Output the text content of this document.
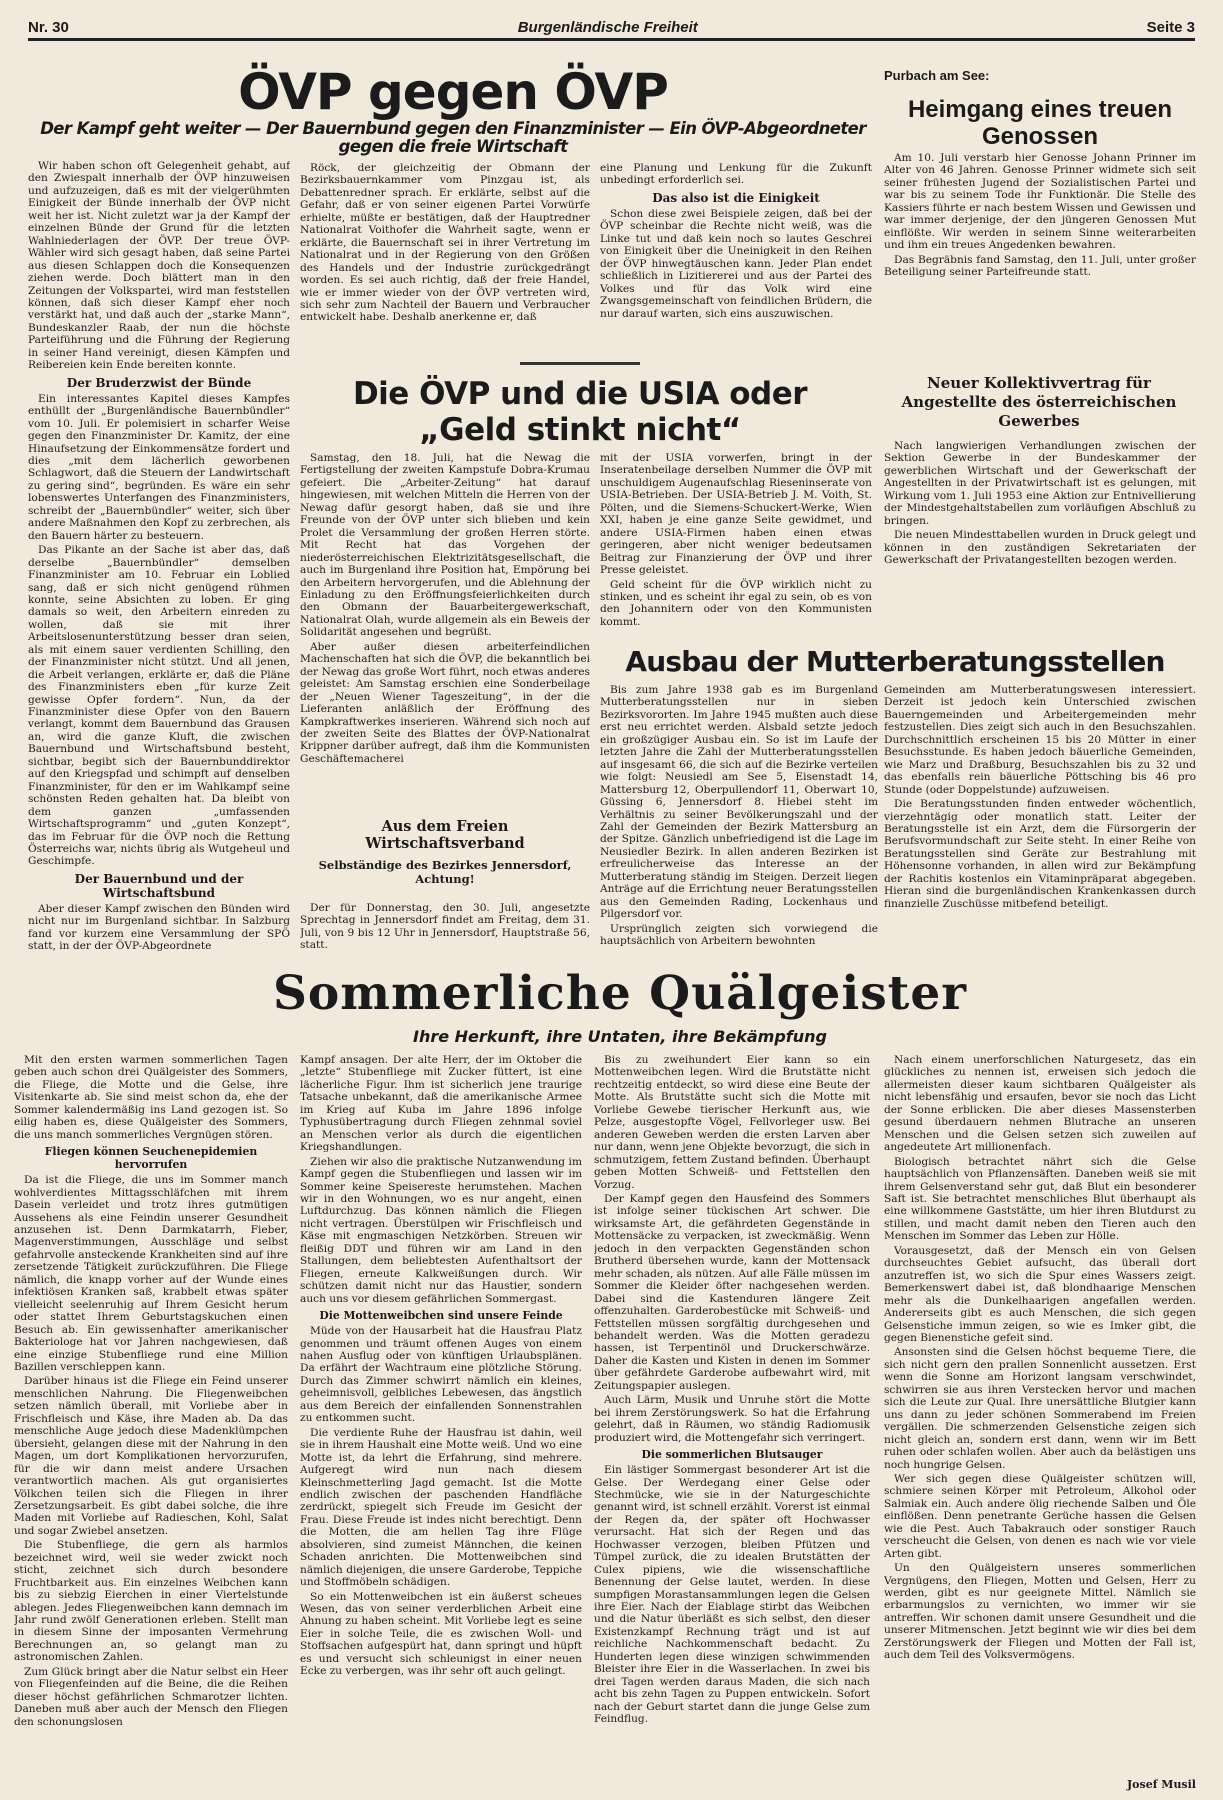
Nr. 30	Burgenländische Freiheit	Seite 3
ÖVP gegen ÖVP
Der Kampf geht weiter — Der Bauernbund gegen den Finanzminister — Ein ÖVP-Abgeordneter gegen die freie Wirtschaft

Wir haben schon oft Gelegenheit gehabt, auf den Zwiespalt innerhalb der ÖVP hinzuweisen und aufzuzeigen, daß es mit der vielgerühmten Einigkeit der Bünde innerhalb der ÖVP nicht weit her ist. Nicht zuletzt war ja der Kampf der einzelnen Bünde der Grund für die letzten Wahlniederlagen der ÖVP. Der treue ÖVP-Wähler wird sich gesagt haben, daß seine Partei aus diesen Schlappen doch die Konsequenzen ziehen werde. Doch blättert man in den Zeitungen der Volkspartei, wird man feststellen können, daß sich dieser Kampf eher noch verstärkt hat, und daß auch der „starke Mann“, Bundeskanzler Raab, der nun die höchste Parteiführung und die Führung der Regierung in seiner Hand vereinigt, diesen Kämpfen und Reibereien kein Ende bereiten konnte.

Der Bruderzwist der Bünde

Ein interessantes Kapitel dieses Kampfes enthüllt der „Burgenländische Bauernbündler“ vom 10. Juli. Er polemisiert in scharfer Weise gegen den Finanzminister Dr. Kamitz, der eine Hinaufsetzung der Einkommensätze fordert und dies „mit dem lächerlich geworbenen Schlagwort, daß die Steuern der Landwirtschaft zu gering sind“, begründen. Es wäre ein sehr lobenswertes Unterfangen des Finanzministers, schreibt der „Bauernbündler“ weiter, sich über andere Maßnahmen den Kopf zu zerbrechen, als den Bauern härter zu besteuern.

Das Pikante an der Sache ist aber das, daß derselbe „Bauernbündler“ demselben Finanzminister am 10. Februar ein Loblied sang, daß er sich nicht genügend rühmen konnte, seine Absichten zu loben. Er ging damals so weit, den Arbeitern einreden zu wollen, daß sie mit ihrer Arbeitslosenunterstützung besser dran seien, als mit einem sauer verdienten Schilling, den der Finanzminister nicht stützt. Und all jenen, die Arbeit verlangen, erklärte er, daß die Pläne des Finanzministers eben „für kurze Zeit gewisse Opfer fordern“. Nun, da der Finanzminister diese Opfer von den Bauern verlangt, kommt dem Bauernbund das Grausen an, wird die ganze Kluft, die zwischen Bauernbund und Wirtschaftsbund besteht, sichtbar, begibt sich der Bauernbunddirektor auf den Kriegspfad und schimpft auf denselben Finanzminister, für den er im Wahlkampf seine schönsten Reden gehalten hat. Da bleibt von dem ganzen „umfassenden Wirtschaftsprogramm“ und „guten Konzept“, das im Februar für die ÖVP noch die Rettung Österreichs war, nichts übrig als Wutgeheul und Geschimpfe.

Der Bauernbund und der Wirtschaftsbund

Aber dieser Kampf zwischen den Bünden wird nicht nur im Burgenland sichtbar. In Salzburg fand vor kurzem eine Versammlung der SPÖ statt, in der der ÖVP-Abgeordnete

Röck, der gleichzeitig der Obmann der Bezirksbauernkammer vom Pinzgau ist, als Debattenredner sprach. Er erklärte, selbst auf die Gefahr, daß er von seiner eigenen Partei Vorwürfe erhielte, müßte er bestätigen, daß der Hauptredner Nationalrat Voithofer die Wahrheit sagte, wenn er erklärte, die Bauernschaft sei in ihrer Vertretung im Nationalrat und in der Regierung von den Größen des Handels und der Industrie zurückgedrängt worden. Es sei auch richtig, daß der freie Handel, wie er immer wieder von der ÖVP vertreten wird, sich sehr zum Nachteil der Bauern und Verbraucher entwickelt habe. Deshalb anerkenne er, daß

eine Planung und Lenkung für die Zukunft unbedingt erforderlich sei.

Das also ist die Einigkeit

Schon diese zwei Beispiele zeigen, daß bei der ÖVP scheinbar die Rechte nicht weiß, was die Linke tut und daß kein noch so lautes Geschrei von Einigkeit über die Uneinigkeit in den Reihen der ÖVP hinwegtäuschen kann. Jeder Plan endet schließlich in Lizitiererei und aus der Partei des Volkes und für das Volk wird eine Zwangsgemeinschaft von feindlichen Brüdern, die nur darauf warten, sich eins auszuwischen.

Purbach am See:
Heimgang eines treuen Genossen

Am 10. Juli verstarb hier Genosse Johann Prinner im Alter von 46 Jahren. Genosse Prinner widmete sich seit seiner frühesten Jugend der Sozialistischen Partei und war bis zu seinem Tode ihr Funktionär. Die Stelle des Kassiers führte er nach bestem Wissen und Gewissen und war immer derjenige, der den jüngeren Genossen Mut einflößte. Wir werden in seinem Sinne weiterarbeiten und ihm ein treues Angedenken bewahren.

Das Begräbnis fand Samstag, den 11. Juli, unter großer Beteiligung seiner Parteifreunde statt.

Neuer Kollektivvertrag für Angestellte des österreichischen Gewerbes

Nach langwierigen Verhandlungen zwischen der Sektion Gewerbe in der Bundeskammer der gewerblichen Wirtschaft und der Gewerkschaft der Angestellten in der Privatwirtschaft ist es gelungen, mit Wirkung vom 1. Juli 1953 eine Aktion zur Entnivellierung der Mindestgehaltstabellen zum vorläufigen Abschluß zu bringen.

Die neuen Mindesttabellen wurden in Druck gelegt und können in den zuständigen Sekretariaten der Gewerkschaft der Privatangestellten bezogen werden.

Die ÖVP und die USIA oder „Geld stinkt nicht“

Samstag, den 18. Juli, hat die Newag die Fertigstellung der zweiten Kampstufe Dobra-Krumau gefeiert. Die „Arbeiter-Zeitung“ hat darauf hingewiesen, mit welchen Mitteln die Herren von der Newag dafür gesorgt haben, daß sie und ihre Freunde von der ÖVP unter sich blieben und kein Prolet die Versammlung der großen Herren störte. Mit Recht hat das Vorgehen der niederösterreichischen Elektrizitätsgesellschaft, die auch im Burgenland ihre Position hat, Empörung bei den Arbeitern hervorgerufen, und die Ablehnung der Einladung zu den Eröffnungsfeierlichkeiten durch den Obmann der Bauarbeitergewerkschaft, Nationalrat Olah, wurde allgemein als ein Beweis der Solidarität angesehen und begrüßt.

Aber außer diesen arbeiterfeindlichen Machenschaften hat sich die ÖVP, die bekanntlich bei der Newag das große Wort führt, noch etwas anderes geleistet: Am Samstag erschien eine Sonderbeilage der „Neuen Wiener Tageszeitung“, in der die Lieferanten anläßlich der Eröffnung des Kampkraftwerkes inserieren. Während sich noch auf der zweiten Seite des Blattes der ÖVP-Nationalrat Krippner darüber aufregt, daß ihm die Kommunisten Geschäftemacherei

mit der USIA vorwerfen, bringt in der Inseratenbeilage derselben Nummer die ÖVP mit unschuldigem Augenaufschlag Rieseninserate von USIA-Betrieben. Der USIA-Betrieb J. M. Voith, St. Pölten, und die Siemens-Schuckert-Werke, Wien XXI, haben je eine ganze Seite gewidmet, und andere USIA-Firmen haben einen etwas geringeren, aber nicht weniger bedeutsamen Beitrag zur Finanzierung der ÖVP und ihrer Presse geleistet.

Geld scheint für die ÖVP wirklich nicht zu stinken, und es scheint ihr egal zu sein, ob es von den Johannitern oder von den Kommunisten kommt.

Aus dem Freien Wirtschaftsverband
Selbständige des Bezirkes Jennersdorf, Achtung!

Der für Donnerstag, den 30. Juli, angesetzte Sprechtag in Jennersdorf findet am Freitag, dem 31. Juli, von 9 bis 12 Uhr in Jennersdorf, Hauptstraße 56, statt.

Ausbau der Mutterberatungsstellen

Bis zum Jahre 1938 gab es im Burgenland Mutterberatungsstellen nur in sieben Bezirksvororten. Im Jahre 1945 mußten auch diese erst neu errichtet werden. Alsbald setzte jedoch ein großzügiger Ausbau ein. So ist im Laufe der letzten Jahre die Zahl der Mutterberatungsstellen auf insgesamt 66, die sich auf die Bezirke verteilen wie folgt: Neusiedl am See 5, Eisenstadt 14, Mattersburg 12, Oberpullendorf 11, Oberwart 10, Güssing 6, Jennersdorf 8. Hiebei steht im Verhältnis zu seiner Bevölkerungszahl und der Zahl der Gemeinden der Bezirk Mattersburg an der Spitze. Gänzlich unbefriedigend ist die Lage im Neusiedler Bezirk. In allen anderen Bezirken ist erfreulicherweise das Interesse an der Mutterberatung ständig im Steigen. Derzeit liegen Anträge auf die Errichtung neuer Beratungsstellen aus den Gemeinden Rading, Lockenhaus und Pilgersdorf vor.

Ursprünglich zeigten sich vorwiegend die hauptsächlich von Arbeitern bewohnten

Gemeinden am Mutterberatungswesen interessiert. Derzeit ist jedoch kein Unterschied zwischen Bauerngemeinden und Arbeitergemeinden mehr festzustellen. Dies zeigt sich auch in den Besuchszahlen. Durchschnittlich erscheinen 15 bis 20 Mütter in einer Besuchsstunde. Es haben jedoch bäuerliche Gemeinden, wie Marz und Draßburg, Besuchszahlen bis zu 32 und das ebenfalls rein bäuerliche Pöttsching bis 46 pro Stunde (oder Doppelstunde) aufzuweisen.

Die Beratungsstunden finden entweder wöchentlich, vierzehntägig oder monatlich statt. Leiter der Beratungsstelle ist ein Arzt, dem die Fürsorgerin der Berufsvormundschaft zur Seite steht. In einer Reihe von Beratungsstellen sind Geräte zur Bestrahlung mit Höhensonne vorhanden, in allen wird zur Bekämpfung der Rachitis kostenlos ein Vitaminpräparat abgegeben. Hieran sind die burgenländischen Krankenkassen durch finanzielle Zuschüsse mitbefend beteiligt.

Sommerliche Quälgeister
Ihre Herkunft, ihre Untaten, ihre Bekämpfung

Mit den ersten warmen sommerlichen Tagen geben auch schon drei Quälgeister des Sommers, die Fliege, die Motte und die Gelse, ihre Visitenkarte ab. Sie sind meist schon da, ehe der Sommer kalendermäßig ins Land gezogen ist. So eilig haben es, diese Quälgeister des Sommers, die uns manch sommerliches Vergnügen stören.

Fliegen können Seuchenepidemien hervorrufen

Da ist die Fliege, die uns im Sommer manch wohlverdientes Mittagsschläfchen mit ihrem Dasein verleidet und trotz ihres gutmütigen Aussehens als eine Feindin unserer Gesundheit anzusehen ist. Denn Darmkatarrh, Fieber, Magenverstimmungen, Ausschläge und selbst gefahrvolle ansteckende Krankheiten sind auf ihre zersetzende Tätigkeit zurückzuführen. Die Fliege nämlich, die knapp vorher auf der Wunde eines infektiösen Kranken saß, krabbelt etwas später vielleicht seelenruhig auf Ihrem Gesicht herum oder stattet Ihrem Geburtstagskuchen einen Besuch ab. Ein gewissenhafter amerikanischer Bakteriologe hat vor Jahren nachgewiesen, daß eine einzige Stubenfliege rund eine Million Bazillen verschleppen kann.

Darüber hinaus ist die Fliege ein Feind unserer menschlichen Nahrung. Die Fliegenweibchen setzen nämlich überall, mit Vorliebe aber in Frischfleisch und Käse, ihre Maden ab. Da das menschliche Auge jedoch diese Madenklümpchen übersieht, gelangen diese mit der Nahrung in den Magen, um dort Komplikationen hervorzurufen, für die wir dann meist andere Ursachen verantwortlich machen. Als gut organisiertes Völkchen teilen sich die Fliegen in ihrer Zersetzungsarbeit. Es gibt dabei solche, die ihre Maden mit Vorliebe auf Radieschen, Kohl, Salat und sogar Zwiebel ansetzen.

Die Stubenfliege, die gern als harmlos bezeichnet wird, weil sie weder zwickt noch sticht, zeichnet sich durch besondere Fruchtbarkeit aus. Ein einzelnes Weibchen kann bis zu siebzig Eierchen in einer Viertelstunde ablegen. Jedes Fliegenweibchen kann demnach im Jahr rund zwölf Generationen erleben. Stellt man in diesem Sinne der imposanten Vermehrung Berechnungen an, so gelangt man zu astronomischen Zahlen.

Zum Glück bringt aber die Natur selbst ein Heer von Fliegenfeinden auf die Beine, die die Reihen dieser höchst gefährlichen Schmarotzer lichten. Daneben muß aber auch der Mensch den Fliegen den schonungslosen

Kampf ansagen. Der alte Herr, der im Oktober die „letzte“ Stubenfliege mit Zucker füttert, ist eine lächerliche Figur. Ihm ist sicherlich jene traurige Tatsache unbekannt, daß die amerikanische Armee im Krieg auf Kuba im Jahre 1896 infolge Typhusübertragung durch Fliegen zehnmal soviel an Menschen verlor als durch die eigentlichen Kriegshandlungen.

Ziehen wir also die praktische Nutzanwendung im Kampf gegen die Stubenfliegen und lassen wir im Sommer keine Speisereste herumstehen. Machen wir in den Wohnungen, wo es nur angeht, einen Luftdurchzug. Das können nämlich die Fliegen nicht vertragen. Überstülpen wir Frischfleisch und Käse mit engmaschigen Netzkörben. Streuen wir fleißig DDT und führen wir am Land in den Stallungen, dem beliebtesten Aufenthaltsort der Fliegen, erneute Kalkweißungen durch. Wir schützen damit nicht nur das Haustier, sondern auch uns vor diesem gefährlichen Sommergast.

Die Mottenweibchen sind unsere Feinde

Müde von der Hausarbeit hat die Hausfrau Platz genommen und träumt offenen Auges von einem nahen Ausflug oder von künftigen Urlaubsplänen. Da erfährt der Wachtraum eine plötzliche Störung. Durch das Zimmer schwirrt nämlich ein kleines, geheimnisvoll, gelbliches Lebewesen, das ängstlich aus dem Bereich der einfallenden Sonnenstrahlen zu entkommen sucht.

Die verdiente Ruhe der Hausfrau ist dahin, weil sie in ihrem Haushalt eine Motte weiß. Und wo eine Motte ist, da lehrt die Erfahrung, sind mehrere. Aufgeregt wird nun nach diesem Kleinschmetterling Jagd gemacht. Ist die Motte endlich zwischen der paschenden Handfläche zerdrückt, spiegelt sich Freude im Gesicht der Frau. Diese Freude ist indes nicht berechtigt. Denn die Motten, die am hellen Tag ihre Flüge absolvieren, sind zumeist Männchen, die keinen Schaden anrichten. Die Mottenweibchen sind nämlich diejenigen, die unsere Garderobe, Teppiche und Stoffmöbeln schädigen.

So ein Mottenweibchen ist ein äußerst scheues Wesen, das von seiner verderblichen Arbeit eine Ahnung zu haben scheint. Mit Vorliebe legt es seine Eier in solche Teile, die es zwischen Woll- und Stoffsachen aufgespürt hat, dann springt und hüpft es und versucht sich schleunigst in einer neuen Ecke zu verbergen, was ihr sehr oft auch gelingt.

Bis zu zweihundert Eier kann so ein Mottenweibchen legen. Wird die Brutstätte nicht rechtzeitig entdeckt, so wird diese eine Beute der Motte. Als Brutstätte sucht sich die Motte mit Vorliebe Gewebe tierischer Herkunft aus, wie Pelze, ausgestopfte Vögel, Fellvorleger usw. Bei anderen Geweben werden die ersten Larven aber nur dann, wenn jene Objekte bevorzugt, die sich in schmutzigem, fettem Zustand befinden. Überhaupt geben Motten Schweiß- und Fettstellen den Vorzug.

Der Kampf gegen den Hausfeind des Sommers ist infolge seiner tückischen Art schwer. Die wirksamste Art, die gefährdeten Gegenstände in Mottensäcke zu verpacken, ist zweckmäßig. Wenn jedoch in den verpackten Gegenständen schon Brutherd übersehen wurde, kann der Mottensack mehr schaden, als nützen. Auf alle Fälle müssen im Sommer die Kleider öfter nachgesehen werden. Dabei sind die Kastenduren längere Zeit offenzuhalten. Garderobestücke mit Schweiß- und Fettstellen müssen sorgfältig durchgesehen und behandelt werden. Was die Motten geradezu hassen, ist Terpentinöl und Druckerschwärze. Daher die Kasten und Kisten in denen im Sommer über gefährdete Garderobe aufbewahrt wird, mit Zeitungspapier auslegen.

Auch Lärm, Musik und Unruhe stört die Motte bei ihrem Zerstörungswerk. So hat die Erfahrung gelehrt, daß in Räumen, wo ständig Radiomusik produziert wird, die Mottengefahr sich verringert.

Die sommerlichen Blutsauger

Ein lästiger Sommergast besonderer Art ist die Gelse. Der Werdegang einer Gelse oder Stechmücke, wie sie in der Naturgeschichte genannt wird, ist schnell erzählt. Vorerst ist einmal der Regen da, der später oft Hochwasser verursacht. Hat sich der Regen und das Hochwasser verzogen, bleiben Pfützen und Tümpel zurück, die zu idealen Brutstätten der Culex pipiens, wie die wissenschaftliche Benennung der Gelse lautet, werden. In diese sumpfigen Morastansammlungen legen die Gelsen ihre Eier. Nach der Eiablage stirbt das Weibchen und die Natur überläßt es sich selbst, den dieser Existenzkampf Rechnung trägt und ist auf reichliche Nachkommenschaft bedacht. Zu Hunderten legen diese winzigen schwimmenden Bleister ihre Eier in die Wasserlachen. In zwei bis drei Tagen werden daraus Maden, die sich nach acht bis zehn Tagen zu Puppen entwickeln. Sofort nach der Geburt startet dann die junge Gelse zum Feindflug.

Nach einem unerforschlichen Naturgesetz, das ein glückliches zu nennen ist, erweisen sich jedoch die allermeisten dieser kaum sichtbaren Quälgeister als nicht lebensfähig und ersaufen, bevor sie noch das Licht der Sonne erblicken. Die aber dieses Massensterben gesund überdauern nehmen Blutrache an unseren Menschen und die Gelsen setzen sich zuweilen auf angedeutete Art millionenfach.

Biologisch betrachtet nährt sich die Gelse hauptsächlich von Pflanzensäften. Daneben weiß sie mit ihrem Gelsenverstand sehr gut, daß Blut ein besonderer Saft ist. Sie betrachtet menschliches Blut überhaupt als eine willkommene Gaststätte, um hier ihren Blutdurst zu stillen, und macht damit neben den Tieren auch den Menschen im Sommer das Leben zur Hölle.

Vorausgesetzt, daß der Mensch ein von Gelsen durchseuchtes Gebiet aufsucht, das überall dort anzutreffen ist, wo sich die Spur eines Wassers zeigt. Bemerkenswert dabei ist, daß blondhaarige Menschen mehr als die Dunkelhaarigen angefallen werden. Andererseits gibt es auch Menschen, die sich gegen Gelsenstiche immun zeigen, so wie es Imker gibt, die gegen Bienenstiche gefeit sind.

Ansonsten sind die Gelsen höchst bequeme Tiere, die sich nicht gern den prallen Sonnenlicht aussetzen. Erst wenn die Sonne am Horizont langsam verschwindet, schwirren sie aus ihren Verstecken hervor und machen sich die Leute zur Qual. Ihre unersättliche Blutgier kann uns dann zu jeder schönen Sommerabend im Freien vergällen. Die schmerzenden Gelsenstiche zeigen sich nicht gleich an, sondern erst dann, wenn wir im Bett ruhen oder schlafen wollen. Aber auch da belästigen uns noch hungrige Gelsen.

Wer sich gegen diese Quälgeister schützen will, schmiere seinen Körper mit Petroleum, Alkohol oder Salmiak ein. Auch andere ölig riechende Salben und Öle einflößen. Denn penetrante Gerüche hassen die Gelsen wie die Pest. Auch Tabakrauch oder sonstiger Rauch verscheucht die Gelsen, von denen es nach wie vor viele Arten gibt.

Un den Quälgeistern unseres sommerlichen Vergnügens, den Fliegen, Motten und Gelsen, Herr zu werden, gibt es nur geeignete Mittel. Nämlich sie erbarmungslos zu vernichten, wo immer wir sie antreffen. Wir schonen damit unsere Gesundheit und die unserer Mitmenschen. Jetzt beginnt wie wir dies bei dem Zerstörungswerk der Fliegen und Motten der Fall ist, auch dem Teil des Volksvermögens.

Josef Musil
